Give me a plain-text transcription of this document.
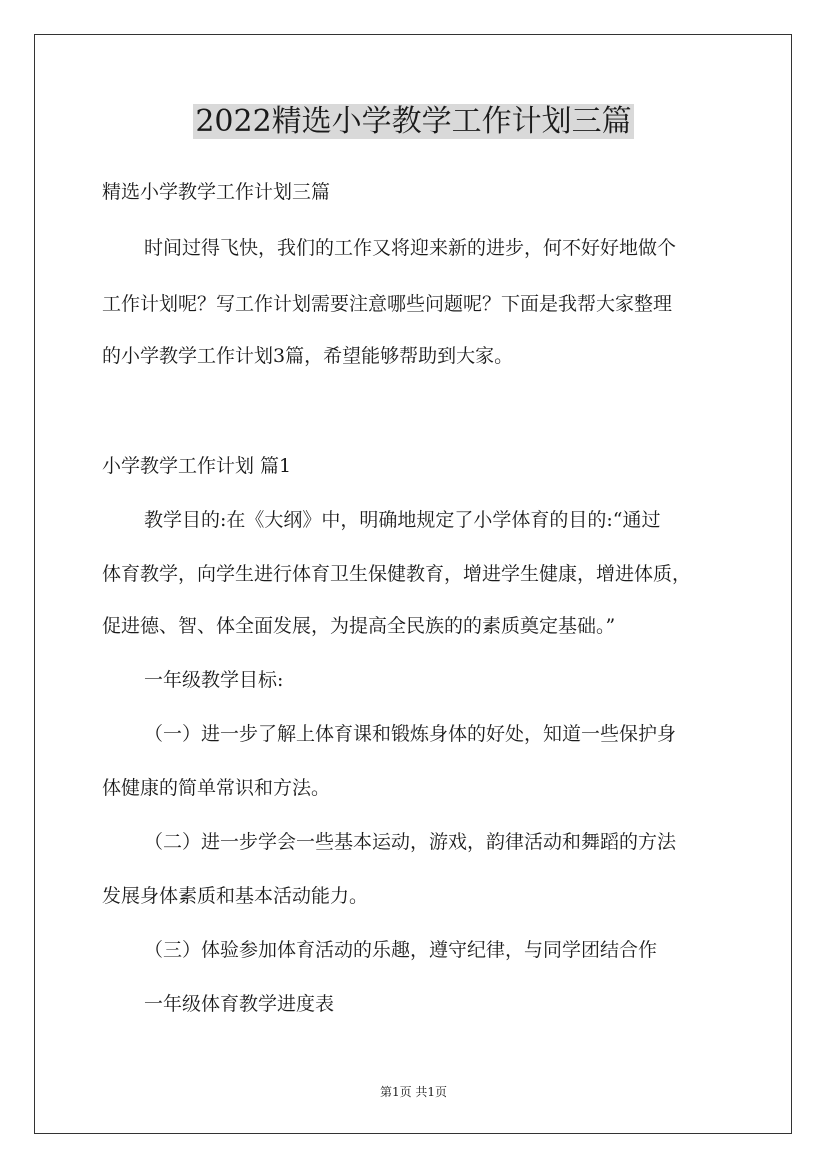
2022精选小学教学工作计划三篇
精选小学教学工作计划三篇
时间过得飞快，我们的工作又将迎来新的进步，何不好好地做个
工作计划呢？写工作计划需要注意哪些问题呢？下面是我帮大家整理
的小学教学工作计划3篇，希望能够帮助到大家。
小学教学工作计划 篇1
教学目的:在《大纲》中，明确地规定了小学体育的目的:“通过
体育教学，向学生进行体育卫生保健教育，增进学生健康，增进体质，
促进德、智、体全面发展，为提高全民族的的素质奠定基础。”
一年级教学目标:
（一）进一步了解上体育课和锻炼身体的好处，知道一些保护身
体健康的简单常识和方法。
（二）进一步学会一些基本运动，游戏，韵律活动和舞蹈的方法
发展身体素质和基本活动能力。
（三）体验参加体育活动的乐趣，遵守纪律，与同学团结合作
一年级体育教学进度表
第1页 共1页
